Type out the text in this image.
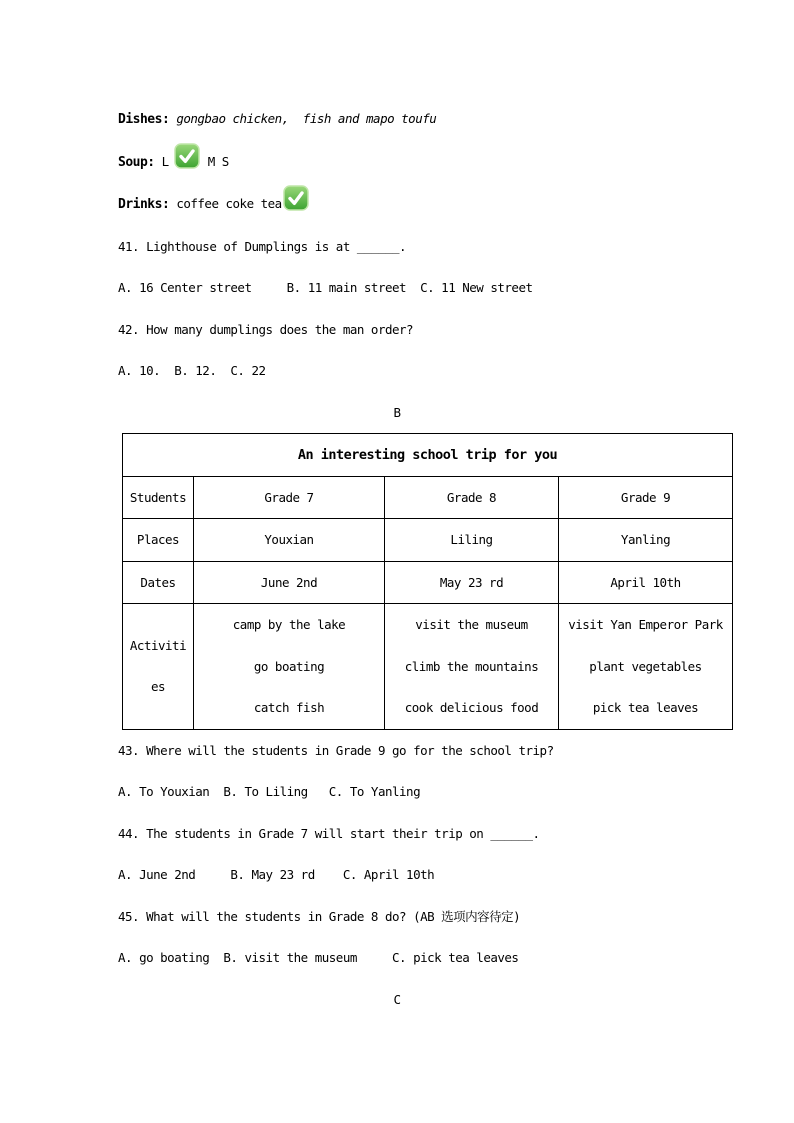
Dishes: gongbao chicken,  fish and mapo toufu

Soup: L	M S

Drinks: coffee coke tea

41. Lighthouse of Dumplings is at ______.

A. 16 Center street     B. 11 main street  C. 11 New street

42. How many dumplings does the man order?

A. 10.  B. 12.  C. 22

B

An interesting school trip for you			
Students	Grade 7	Grade 8	Grade 9
Places	Youxian	Liling	Yanling
Dates	June 2nd	May 23 rd	April 10th
Activities	
camp by the lake
go boating
catch fish

visit the museum
climb the mountains
cook delicious food

visit Yan Emperor Park
plant vegetables
pick tea leaves

43. Where will the students in Grade 9 go for the school trip?

A. To Youxian  B. To Liling   C. To Yanling

44. The students in Grade 7 will start their trip on ______.

A. June 2nd     B. May 23 rd    C. April 10th

45. What will the students in Grade 8 do? (AB 选项内容待定)

A. go boating  B. visit the museum     C. pick tea leaves

C
